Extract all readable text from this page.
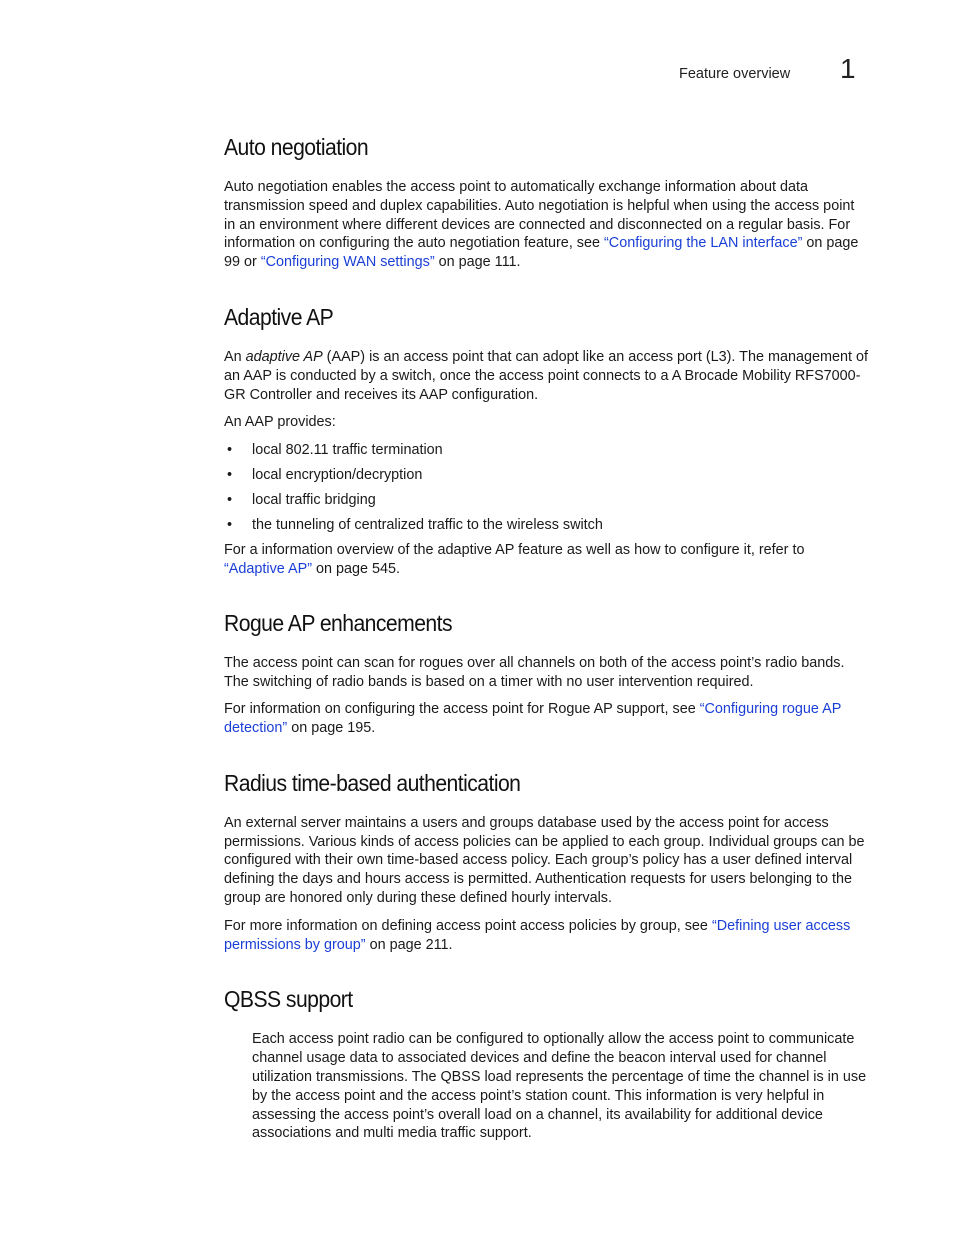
Feature overview 1
Auto negotiation

Auto negotiation enables the access point to automatically exchange information about data transmission speed and duplex capabilities. Auto negotiation is helpful when using the access point in an environment where different devices are connected and disconnected on a regular basis. For information on configuring the auto negotiation feature, see “Configuring the LAN interface” on page 99 or “Configuring WAN settings” on page 111.

Adaptive AP

An adaptive AP (AAP) is an access point that can adopt like an access port (L3). The management of an AAP is conducted by a switch, once the access point connects to a A Brocade Mobility RFS7000-GR Controller and receives its AAP configuration.

An AAP provides:

• local 802.11 traffic termination
• local encryption/decryption
• local traffic bridging
• the tunneling of centralized traffic to the wireless switch

For a information overview of the adaptive AP feature as well as how to configure it, refer to “Adaptive AP” on page 545.

Rogue AP enhancements

The access point can scan for rogues over all channels on both of the access point’s radio bands. The switching of radio bands is based on a timer with no user intervention required.

For information on configuring the access point for Rogue AP support, see “Configuring rogue AP detection” on page 195.

Radius time-based authentication

An external server maintains a users and groups database used by the access point for access permissions. Various kinds of access policies can be applied to each group. Individual groups can be configured with their own time-based access policy. Each group’s policy has a user defined interval defining the days and hours access is permitted. Authentication requests for users belonging to the group are honored only during these defined hourly intervals.

For more information on defining access point access policies by group, see “Defining user access permissions by group” on page 211.

QBSS support

Each access point radio can be configured to optionally allow the access point to communicate channel usage data to associated devices and define the beacon interval used for channel utilization transmissions. The QBSS load represents the percentage of time the channel is in use by the access point and the access point’s station count. This information is very helpful in assessing the access point’s overall load on a channel, its availability for additional device associations and multi media traffic support.
